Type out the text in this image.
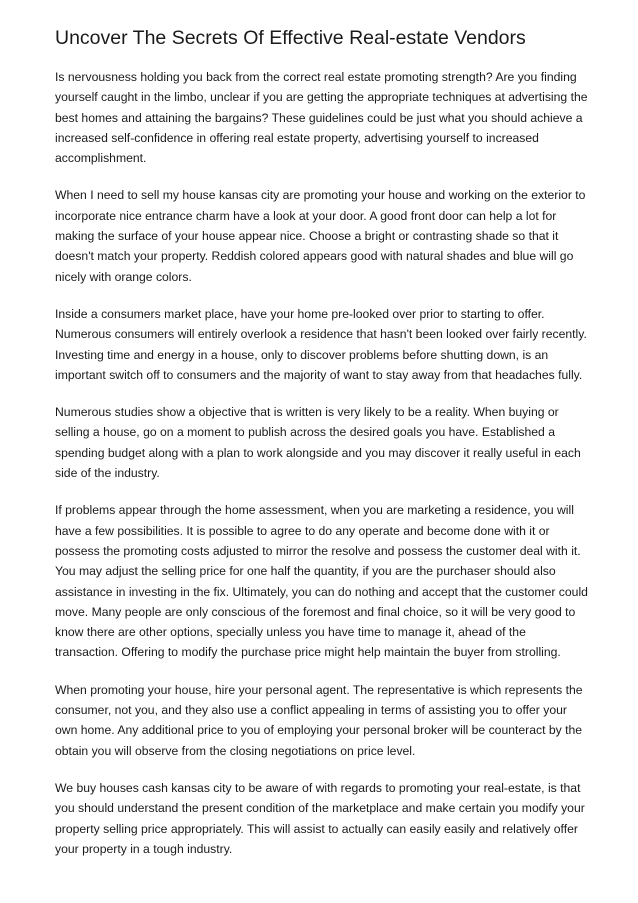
Uncover The Secrets Of Effective Real-estate Vendors

Is nervousness holding you back from the correct real estate promoting strength? Are you finding yourself caught in the limbo, unclear if you are getting the appropriate techniques at advertising the best homes and attaining the bargains? These guidelines could be just what you should achieve a increased self-confidence in offering real estate property, advertising yourself to increased accomplishment.

When I need to sell my house kansas city are promoting your house and working on the exterior to incorporate nice entrance charm have a look at your door. A good front door can help a lot for making the surface of your house appear nice. Choose a bright or contrasting shade so that it doesn't match your property. Reddish colored appears good with natural shades and blue will go nicely with orange colors.

Inside a consumers market place, have your home pre-looked over prior to starting to offer. Numerous consumers will entirely overlook a residence that hasn't been looked over fairly recently. Investing time and energy in a house, only to discover problems before shutting down, is an important switch off to consumers and the majority of want to stay away from that headaches fully.

Numerous studies show a objective that is written is very likely to be a reality. When buying or selling a house, go on a moment to publish across the desired goals you have. Established a spending budget along with a plan to work alongside and you may discover it really useful in each side of the industry.

If problems appear through the home assessment, when you are marketing a residence, you will have a few possibilities. It is possible to agree to do any operate and become done with it or possess the promoting costs adjusted to mirror the resolve and possess the customer deal with it. You may adjust the selling price for one half the quantity, if you are the purchaser should also assistance in investing in the fix. Ultimately, you can do nothing and accept that the customer could move. Many people are only conscious of the foremost and final choice, so it will be very good to know there are other options, specially unless you have time to manage it, ahead of the transaction. Offering to modify the purchase price might help maintain the buyer from strolling.

When promoting your house, hire your personal agent. The representative is which represents the consumer, not you, and they also use a conflict appealing in terms of assisting you to offer your own home. Any additional price to you of employing your personal broker will be counteract by the obtain you will observe from the closing negotiations on price level.

We buy houses cash kansas city to be aware of with regards to promoting your real-estate, is that you should understand the present condition of the marketplace and make certain you modify your property selling price appropriately. This will assist to actually can easily easily and relatively offer your property in a tough industry.
